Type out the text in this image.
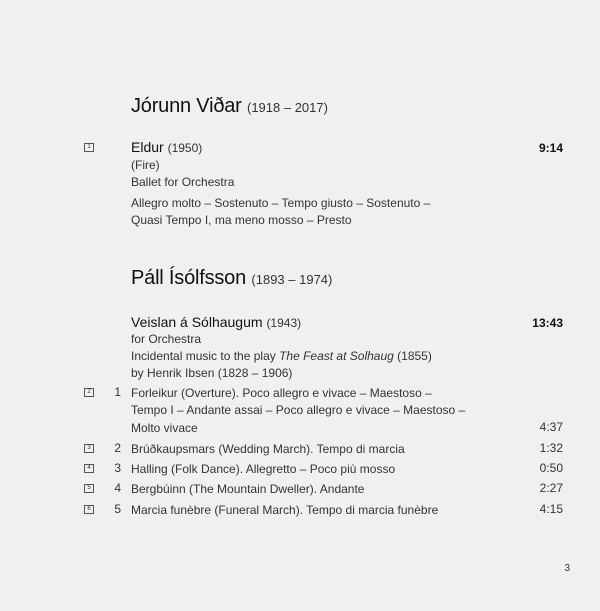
Jórunn Viðar (1918 – 2017)
1	Eldur (1950)	9:14
(Fire)
Ballet for Orchestra
Allegro molto – Sostenuto – Tempo giusto – Sostenuto –
Quasi Tempo I, ma meno mosso – Presto
Páll Ísólfsson (1893 – 1974)
Veislan á Sólhaugum (1943)	13:43
for Orchestra
Incidental music to the play The Feast at Solhaug (1855)
by Henrik Ibsen (1828 – 1906)
2 1 Forleikur (Overture). Poco allegro e vivace – Maestoso –
Tempo I – Andante assai – Poco allegro e vivace – Maestoso –
Molto vivace	4:37
3 2 Brúðkaupsmars (Wedding March). Tempo di marcia	1:32
4 3 Halling (Folk Dance). Allegretto – Poco più mosso	0:50
5 4 Bergbúinn (The Mountain Dweller). Andante	2:27
6 5 Marcia funèbre (Funeral March). Tempo di marcia funèbre	4:15
3
